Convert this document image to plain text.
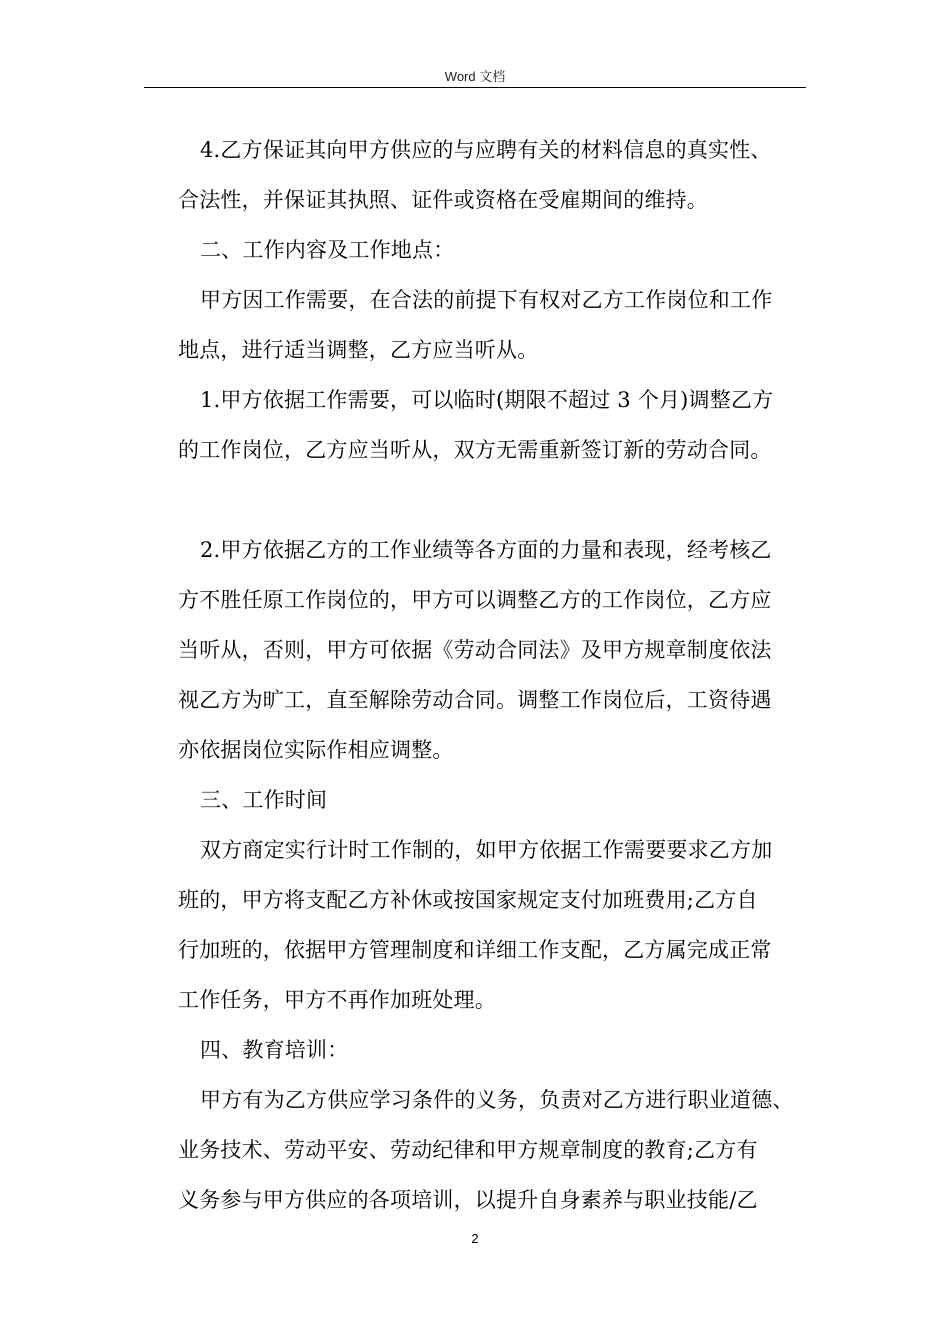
Word 文档
4.乙方保证其向甲方供应的与应聘有关的材料信息的真实性、
合法性，并保证其执照、证件或资格在受雇期间的维持。
二、工作内容及工作地点：
甲方因工作需要，在合法的前提下有权对乙方工作岗位和工作
地点，进行适当调整，乙方应当听从。
1.甲方依据工作需要，可以临时(期限不超过 3 个月)调整乙方
的工作岗位，乙方应当听从，双方无需重新签订新的劳动合同。
2.甲方依据乙方的工作业绩等各方面的力量和表现，经考核乙
方不胜任原工作岗位的，甲方可以调整乙方的工作岗位，乙方应
当听从，否则，甲方可依据《劳动合同法》及甲方规章制度依法
视乙方为旷工，直至解除劳动合同。调整工作岗位后，工资待遇
亦依据岗位实际作相应调整。
三、工作时间
双方商定实行计时工作制的，如甲方依据工作需要要求乙方加
班的，甲方将支配乙方补休或按国家规定支付加班费用;乙方自
行加班的，依据甲方管理制度和详细工作支配，乙方属完成正常
工作任务，甲方不再作加班处理。
四、教育培训：
甲方有为乙方供应学习条件的义务，负责对乙方进行职业道德、
业务技术、劳动平安、劳动纪律和甲方规章制度的教育;乙方有
义务参与甲方供应的各项培训，以提升自身素养与职业技能/乙
2
